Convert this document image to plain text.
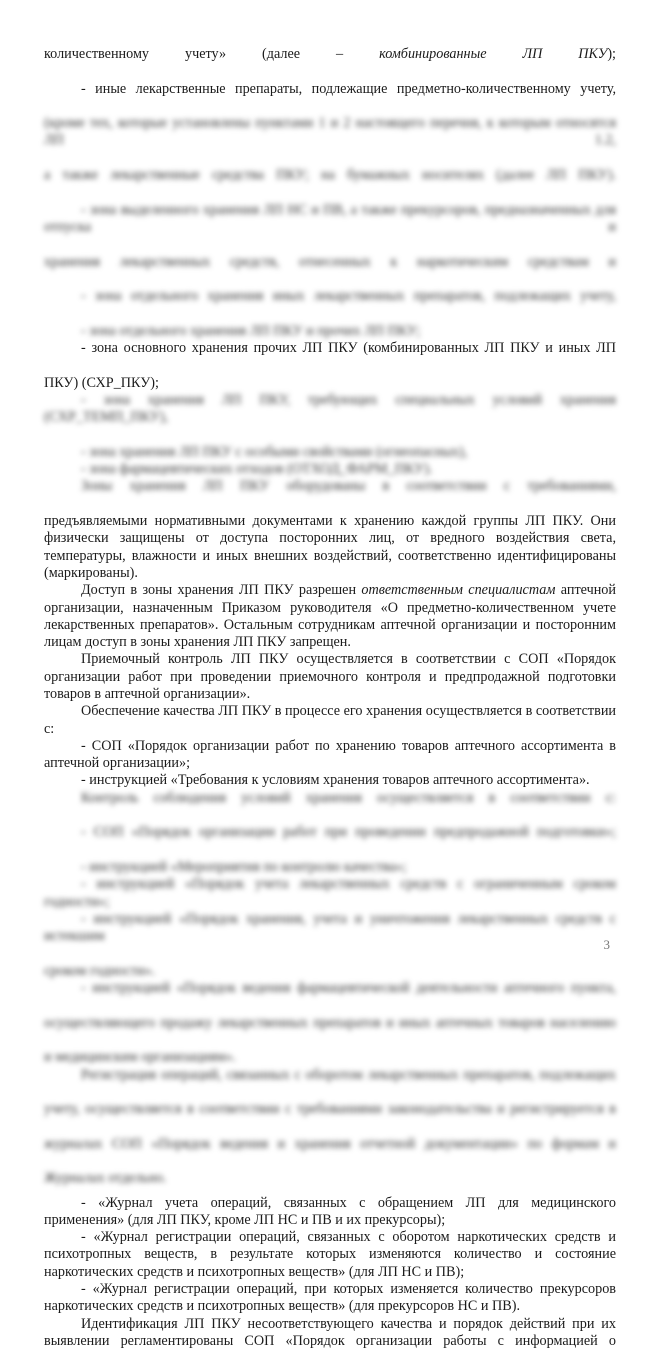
количественному учету» (далее –	комбинированные ЛП ПКУ);

- иные лекарственные препараты, подлежащие предметно-количественному учету,

(кроме тех, которые установлены пунктами 1 и 2 настоящего перечня, к которым относятся ЛП 1.2,

а также лекарственные средства ПКУ; на бумажных носителях (далее ЛП ПКУ).

- зона выделенного хранения ЛП НС и ПВ, а также прекурсоров, предназначенных для отпуска и

хранения лекарственных средств, отнесенных к наркотическим средствам и

- зона отдельного хранения иных лекарственных препаратов, подлежащих учету,

- зона отдельного хранения ЛП ПКУ и прочих ЛП ПКУ;

- зона основного хранения прочих ЛП ПКУ (комбинированных ЛП ПКУ и иных ЛП

ПКУ) (СХР_ПКУ);

- зона хранения ЛП ПКУ, требующих специальных условий хранения (СХР_ТЕМП_ПКУ),

- зона хранения ЛП ПКУ с особыми свойствами (огнеопасных),

- зона фармацевтических отходов (ОТХОД_ФАРМ_ПКУ).

Зоны хранения ЛП ПКУ оборудованы в соответствии с требованиями,

предъявляемыми нормативными документами к хранению каждой группы ЛП ПКУ. Они физически защищены от доступа посторонних лиц, от вредного воздействия света, температуры, влажности и иных внешних воздействий, соответственно идентифицированы (маркированы).

Доступ в зоны хранения ЛП ПКУ разрешен ответственным специалистам аптечной организации, назначенным Приказом руководителя «О предметно-количественном учете лекарственных препаратов». Остальным сотрудникам аптечной организации и посторонним лицам доступ в зоны хранения ЛП ПКУ запрещен.

Приемочный контроль ЛП ПКУ осуществляется в соответствии с СОП «Порядок организации работ при проведении приемочного контроля и предпродажной подготовки товаров в аптечной организации».

Обеспечение качества ЛП ПКУ в процессе его хранения осуществляется в соответствии с:

- СОП «Порядок организации работ по хранению товаров аптечного ассортимента в аптечной организации»;

- инструкцией «Требования к условиям хранения товаров аптечного ассортимента».

Контроль соблюдения условий хранения осуществляется в соответствии с:

- СОП «Порядок организации работ при проведении предпродажной подготовки»;

- инструкцией «Мероприятия по контролю качества»;

- инструкцией «Порядок учета лекарственных средств с ограниченным сроком годности»;

- инструкцией «Порядок хранения, учета и уничтожения лекарственных средств с истекшим

сроком годности».

- инструкцией «Порядок ведения фармацевтической деятельности аптечного пункта,

осуществляющего продажу лекарственных препаратов и иных аптечных товаров населению

и медицинским организациям».

Регистрация операций, связанных с оборотом лекарственных препаратов, подлежащих

учету, осуществляется в соответствии с требованиями законодательства и регистрируется в

журналах СОП «Порядок ведения и хранения отчетной документации» по формам и

Журналах отдельно.

- «Журнал учета операций, связанных с обращением ЛП для медицинского применения» (для ЛП ПКУ, кроме ЛП НС и ПВ и их прекурсоры);

- «Журнал регистрации операций, связанных с оборотом наркотических средств и психотропных веществ, в результате которых изменяются количество и состояние наркотических средств и психотропных веществ» (для ЛП НС и ПВ);

- «Журнал регистрации операций, при которых изменяется количество прекурсоров наркотических средств и психотропных веществ» (для прекурсоров НС и ПВ).

Идентификация ЛП ПКУ несоответствующего качества и порядок действий при их выявлении регламентированы СОП «Порядок организации работы с информацией о

3
